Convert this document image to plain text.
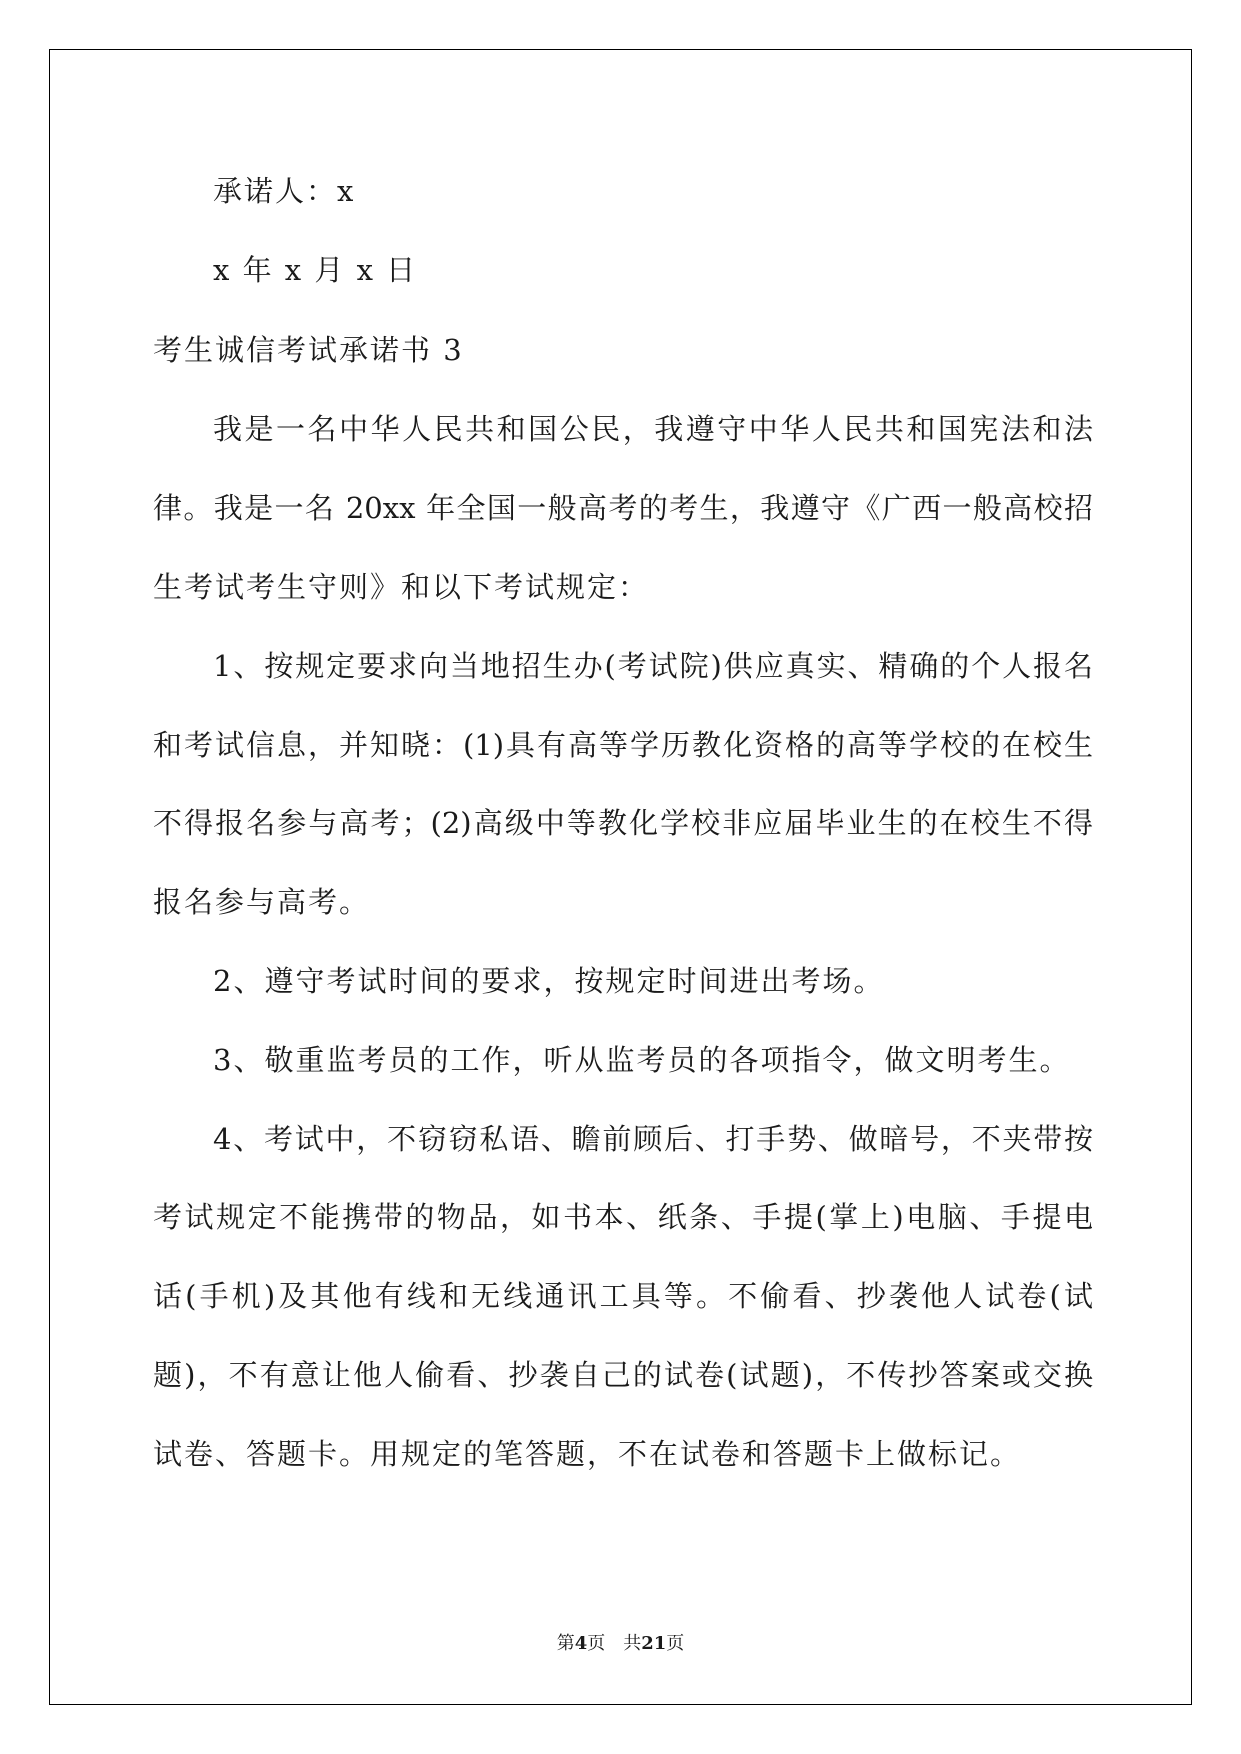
承诺人：x
x 年 x 月 x 日
考生诚信考试承诺书 3
我是一名中华人民共和国公民，我遵守中华人民共和国宪法和法
律。我是一名 20xx 年全国一般高考的考生，我遵守《广西一般高校招
生考试考生守则》和以下考试规定：
1、按规定要求向当地招生办(考试院)供应真实、精确的个人报名
和考试信息，并知晓：(1)具有高等学历教化资格的高等学校的在校生
不得报名参与高考；(2)高级中等教化学校非应届毕业生的在校生不得
报名参与高考。
2、遵守考试时间的要求，按规定时间进出考场。
3、敬重监考员的工作，听从监考员的各项指令，做文明考生。
4、考试中，不窃窃私语、瞻前顾后、打手势、做暗号，不夹带按
考试规定不能携带的物品，如书本、纸条、手提(掌上)电脑、手提电
话(手机)及其他有线和无线通讯工具等。不偷看、抄袭他人试卷(试
题)，不有意让他人偷看、抄袭自己的试卷(试题)，不传抄答案或交换
试卷、答题卡。用规定的笔答题，不在试卷和答题卡上做标记。
第4页　共21页
